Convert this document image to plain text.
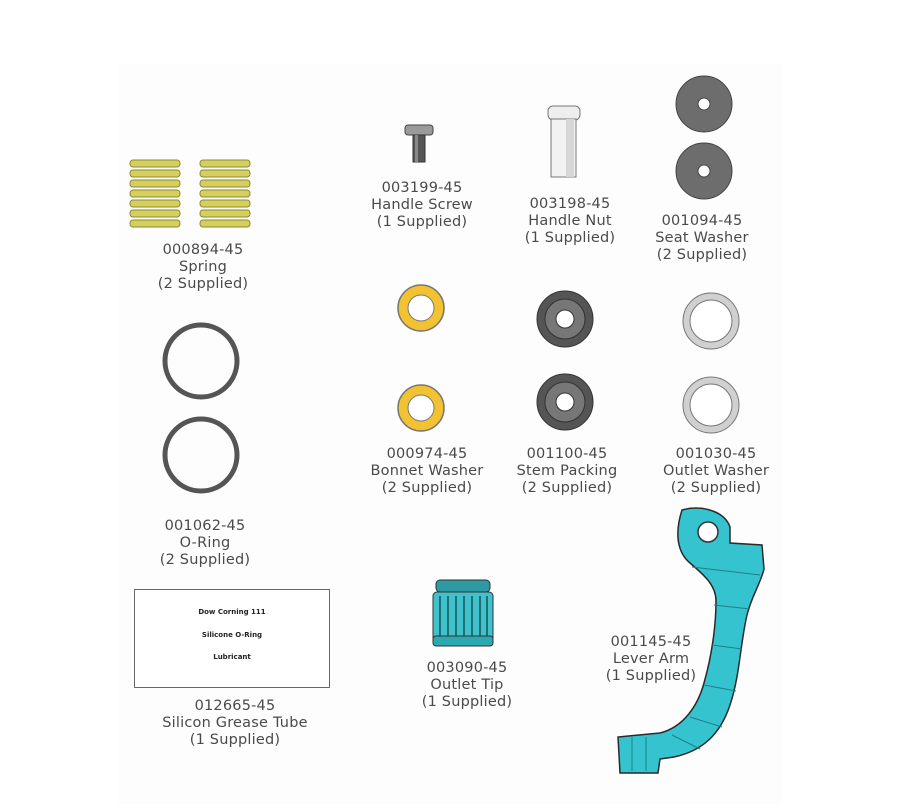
000894-45
Spring
(2 Supplied)
003199-45
Handle Screw
(1 Supplied)
003198-45
Handle Nut
(1 Supplied)
001094-45
Seat Washer
(2 Supplied)
000974-45
Bonnet Washer
(2 Supplied)
001100-45
Stem Packing
(2 Supplied)
001030-45
Outlet Washer
(2 Supplied)
001062-45
O-Ring
(2 Supplied)
Dow Corning 111
Silicone O-Ring
Lubricant
012665-45
Silicon Grease Tube
(1 Supplied)
003090-45
Outlet Tip
(1 Supplied)
001145-45
Lever Arm
(1 Supplied)
